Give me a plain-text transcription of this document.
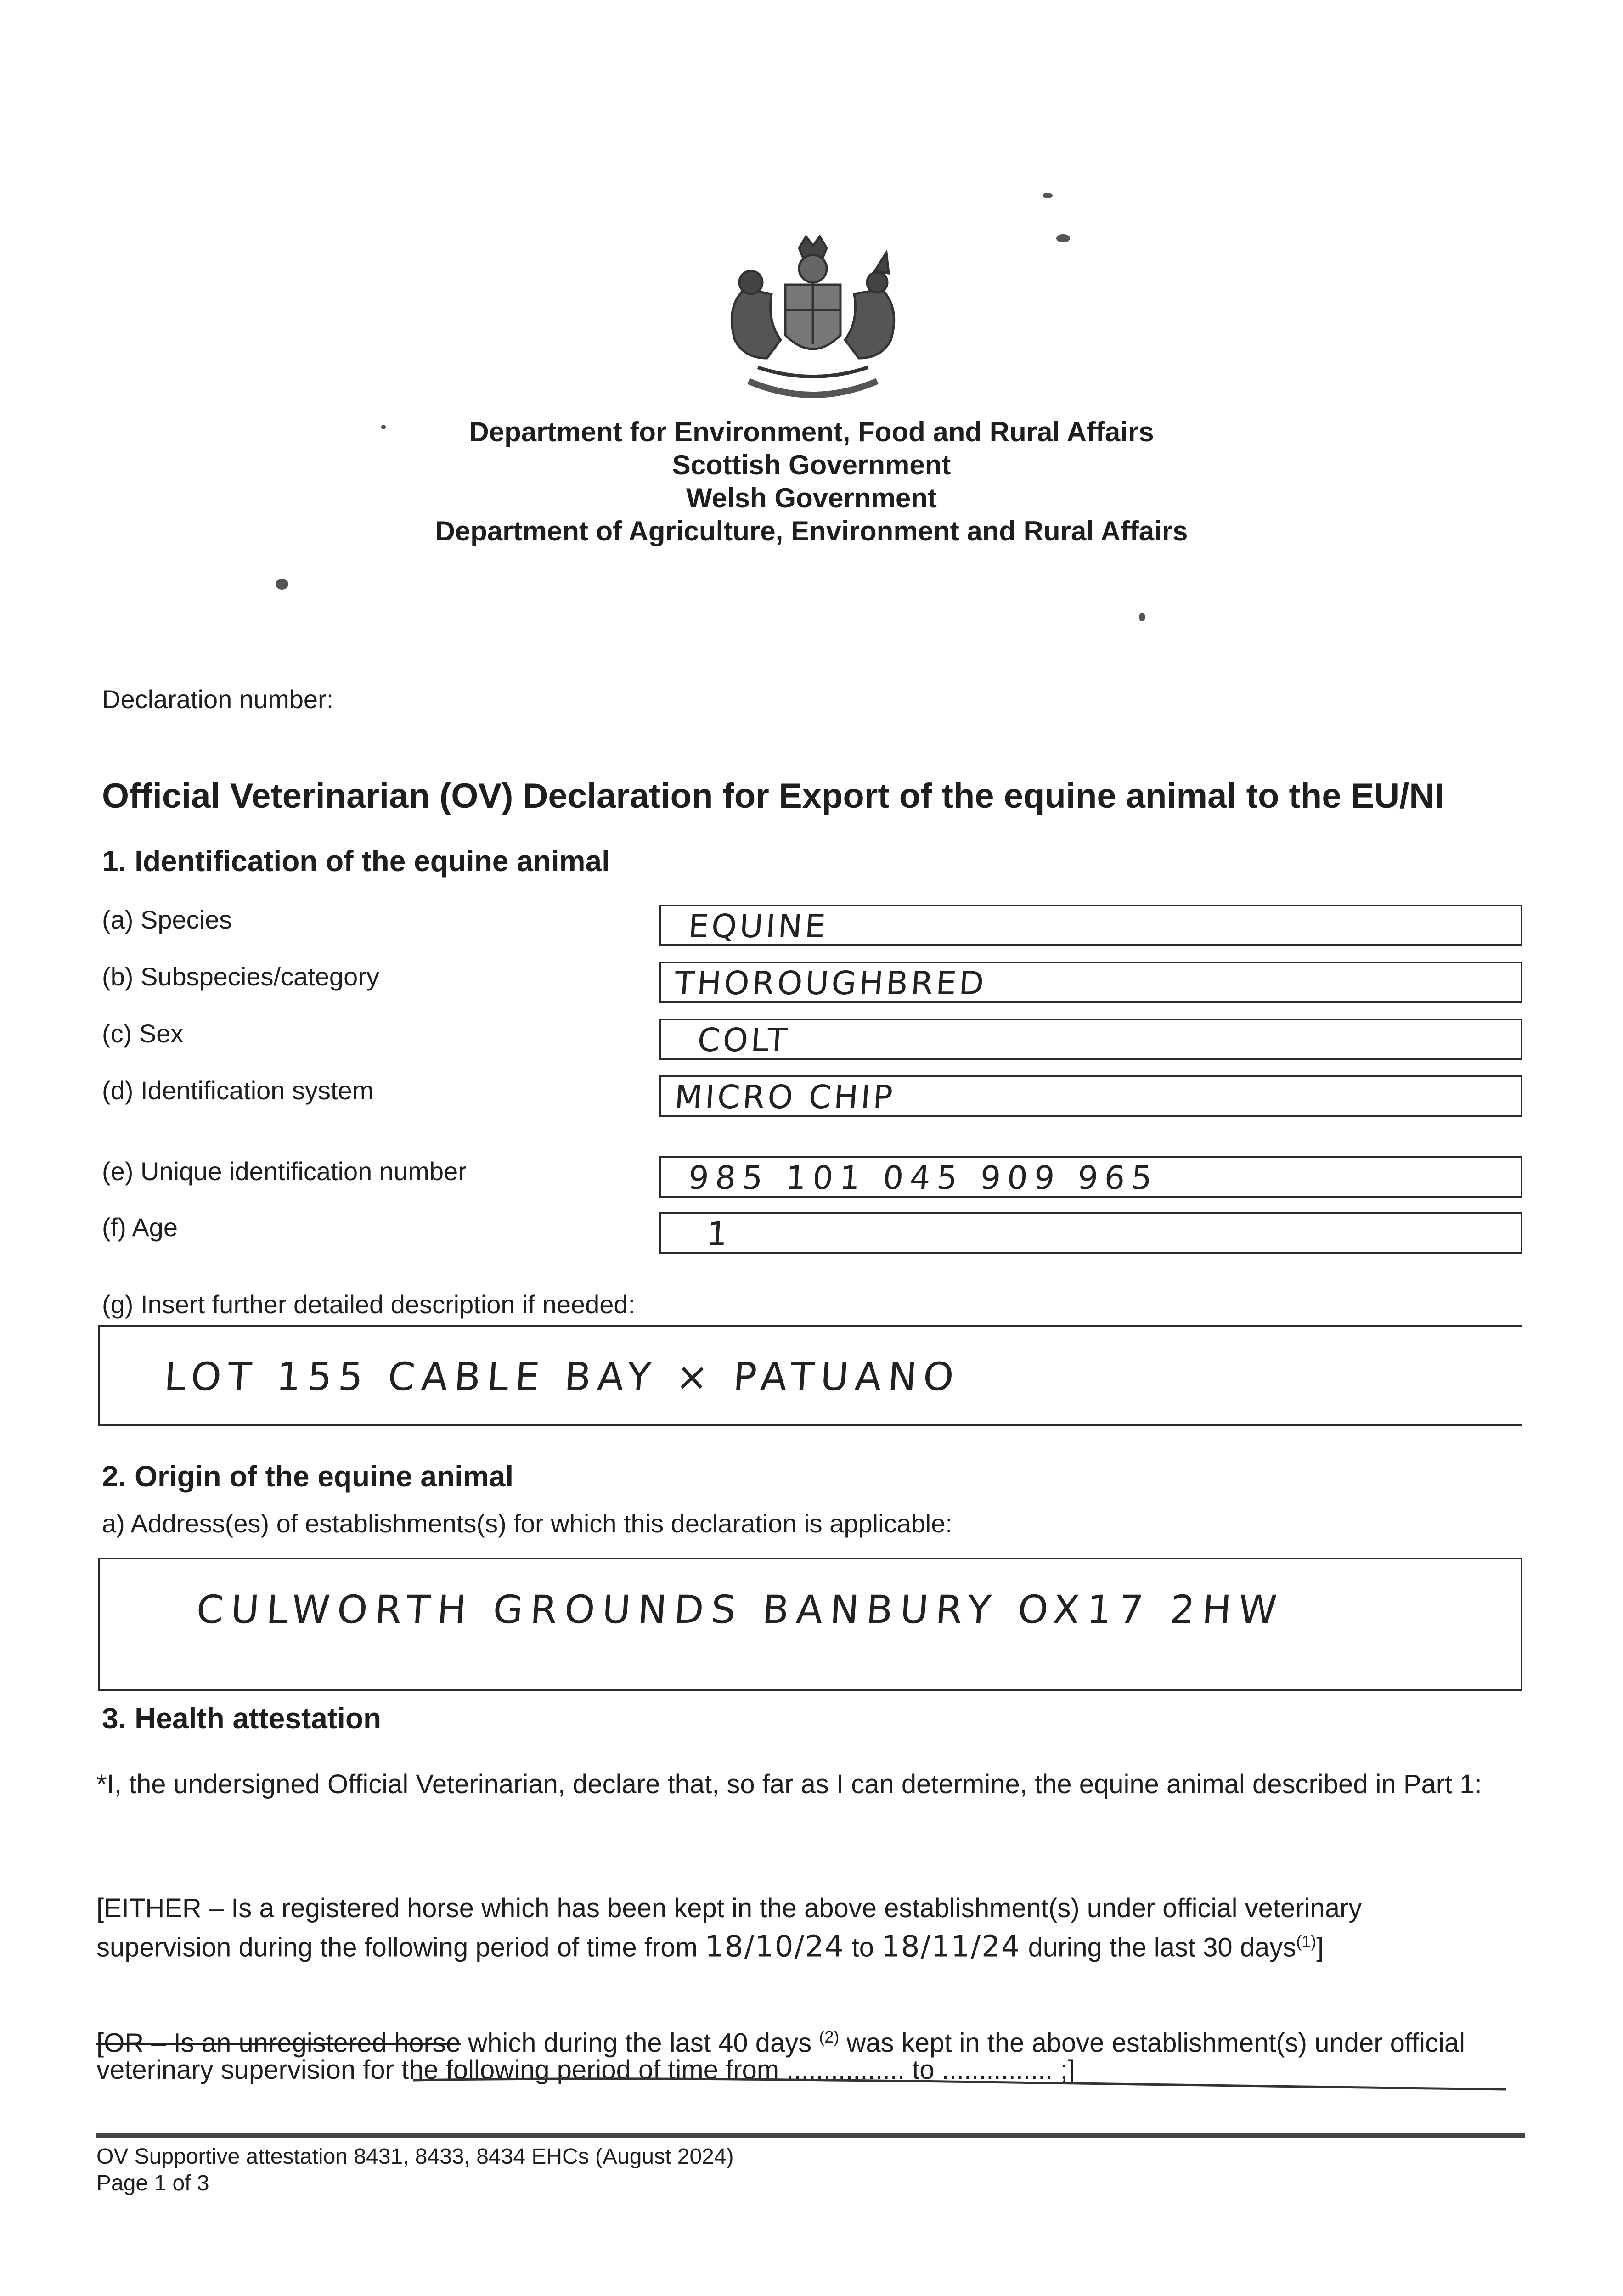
Department for Environment, Food and Rural Affairs
Scottish Government
Welsh Government
Department of Agriculture, Environment and Rural Affairs
Declaration number:
Official Veterinarian (OV) Declaration for Export of the equine animal to the EU/NI
1. Identification of the equine animal
(a) Species	EQUINE
(b) Subspecies/category	THOROUGHBRED
(c) Sex	COLT
(d) Identification system	MICRO CHIP
(e) Unique identification number	985 101 045 909 965
(f) Age	1
(g) Insert further detailed description if needed:
LOT 155 CABLE BAY × PATUANO
2. Origin of the equine animal
a) Address(es) of establishments(s) for which this declaration is applicable:
CULWORTH GROUNDS BANBURY OX17 2HW
3. Health attestation
*I, the undersigned Official Veterinarian, declare that, so far as I can determine, the equine animal described in Part 1:
[EITHER – Is a registered horse which has been kept in the above establishment(s) under official veterinary
supervision during the following period of time from 18/10/24 to 18/11/24 during the last 30 days$^{(1)}$]
[OR – Is an unregistered horse which during the last 40 days $^{(2)}$ was kept in the above establishment(s) under official
veterinary supervision for the following period of time from ................ to ............... ;]
OV Supportive attestation 8431, 8433, 8434 EHCs (August 2024)
Page 1 of 3
